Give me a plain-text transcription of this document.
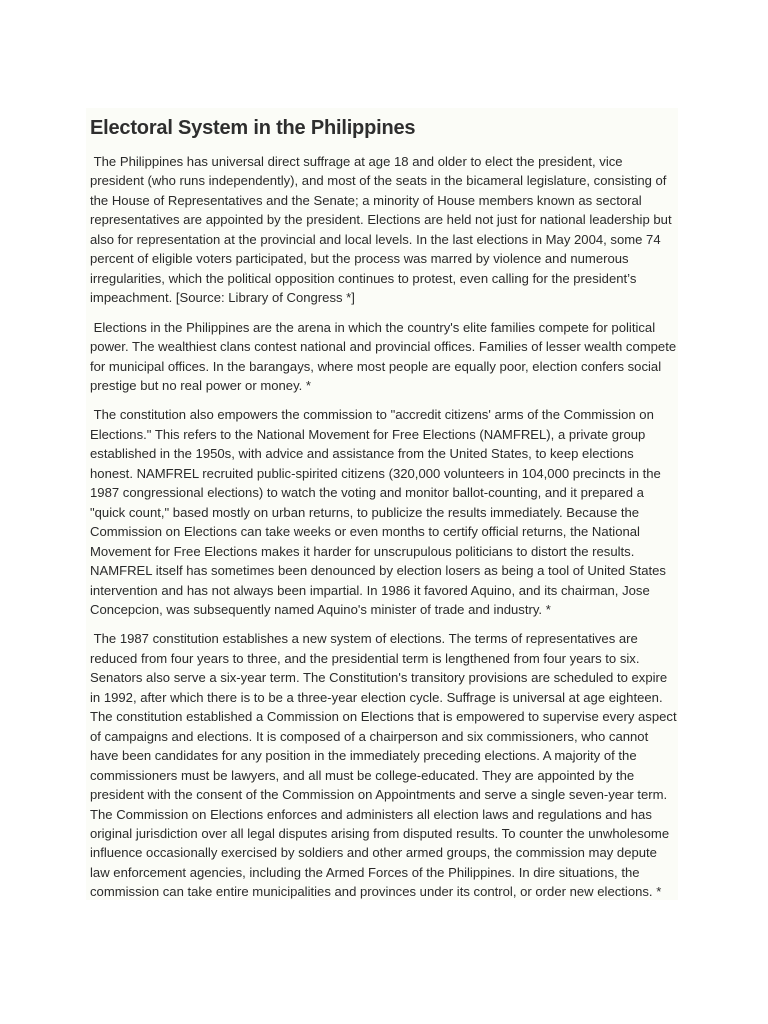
Electoral System in the Philippines

The Philippines has universal direct suffrage at age 18 and older to elect the president, vice president (who runs independently), and most of the seats in the bicameral legislature, consisting of the House of Representatives and the Senate; a minority of House members known as sectoral representatives are appointed by the president. Elections are held not just for national leadership but also for representation at the provincial and local levels. In the last elections in May 2004, some 74 percent of eligible voters participated, but the process was marred by violence and numerous irregularities, which the political opposition continues to protest, even calling for the president’s impeachment. [Source: Library of Congress *]

Elections in the Philippines are the arena in which the country's elite families compete for political power. The wealthiest clans contest national and provincial offices. Families of lesser wealth compete for municipal offices. In the barangays, where most people are equally poor, election confers social prestige but no real power or money. *

The constitution also empowers the commission to "accredit citizens' arms of the Commission on Elections." This refers to the National Movement for Free Elections (NAMFREL), a private group established in the 1950s, with advice and assistance from the United States, to keep elections honest. NAMFREL recruited public-spirited citizens (320,000 volunteers in 104,000 precincts in the 1987 congressional elections) to watch the voting and monitor ballot-counting, and it prepared a "quick count," based mostly on urban returns, to publicize the results immediately. Because the Commission on Elections can take weeks or even months to certify official returns, the National Movement for Free Elections makes it harder for unscrupulous politicians to distort the results. NAMFREL itself has sometimes been denounced by election losers as being a tool of United States intervention and has not always been impartial. In 1986 it favored Aquino, and its chairman, Jose Concepcion, was subsequently named Aquino's minister of trade and industry. *

The 1987 constitution establishes a new system of elections. The terms of representatives are reduced from four years to three, and the presidential term is lengthened from four years to six. Senators also serve a six-year term. The Constitution's transitory provisions are scheduled to expire in 1992, after which there is to be a three-year election cycle. Suffrage is universal at age eighteen. The constitution established a Commission on Elections that is empowered to supervise every aspect of campaigns and elections. It is composed of a chairperson and six commissioners, who cannot have been candidates for any position in the immediately preceding elections. A majority of the commissioners must be lawyers, and all must be college-educated. They are appointed by the president with the consent of the Commission on Appointments and serve a single seven-year term. The Commission on Elections enforces and administers all election laws and regulations and has original jurisdiction over all legal disputes arising from disputed results. To counter the unwholesome influence occasionally exercised by soldiers and other armed groups, the commission may depute law enforcement agencies, including the Armed Forces of the Philippines. In dire situations, the commission can take entire municipalities and provinces under its control, or order new elections. *
